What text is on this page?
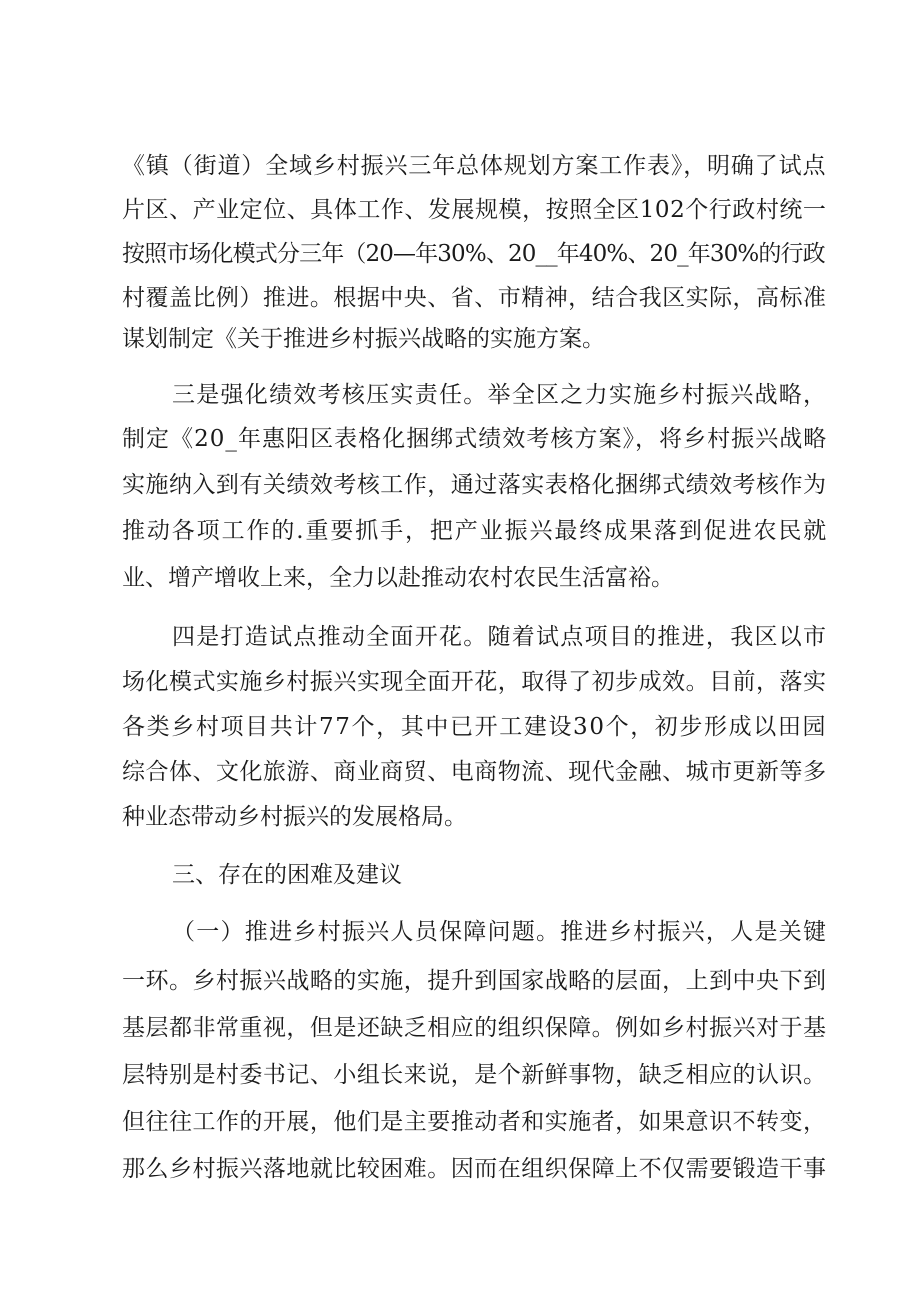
《镇（街道）全域乡村振兴三年总体规划方案工作表》，明确了试点

片区、产业定位、具体工作、发展规模，按照全区102个行政村统一

按照市场化模式分三年（20—年30%、20__年40%、20_年30%的行政

村覆盖比例）推进。根据中央、省、市精神，结合我区实际，高标准

谋划制定《关于推进乡村振兴战略的实施方案。

三是强化绩效考核压实责任。举全区之力实施乡村振兴战略，

制定《20_年惠阳区表格化捆绑式绩效考核方案》，将乡村振兴战略

实施纳入到有关绩效考核工作，通过落实表格化捆绑式绩效考核作为

推动各项工作的.重要抓手，把产业振兴最终成果落到促进农民就

业、增产增收上来，全力以赴推动农村农民生活富裕。

四是打造试点推动全面开花。随着试点项目的推进，我区以市

场化模式实施乡村振兴实现全面开花，取得了初步成效。目前，落实

各类乡村项目共计77个，其中已开工建设30个，初步形成以田园

综合体、文化旅游、商业商贸、电商物流、现代金融、城市更新等多

种业态带动乡村振兴的发展格局。

三、存在的困难及建议

（一）推进乡村振兴人员保障问题。推进乡村振兴，人是关键

一环。乡村振兴战略的实施，提升到国家战略的层面，上到中央下到

基层都非常重视，但是还缺乏相应的组织保障。例如乡村振兴对于基

层特别是村委书记、小组长来说，是个新鲜事物，缺乏相应的认识。

但往往工作的开展，他们是主要推动者和实施者，如果意识不转变，

那么乡村振兴落地就比较困难。因而在组织保障上不仅需要锻造干事
